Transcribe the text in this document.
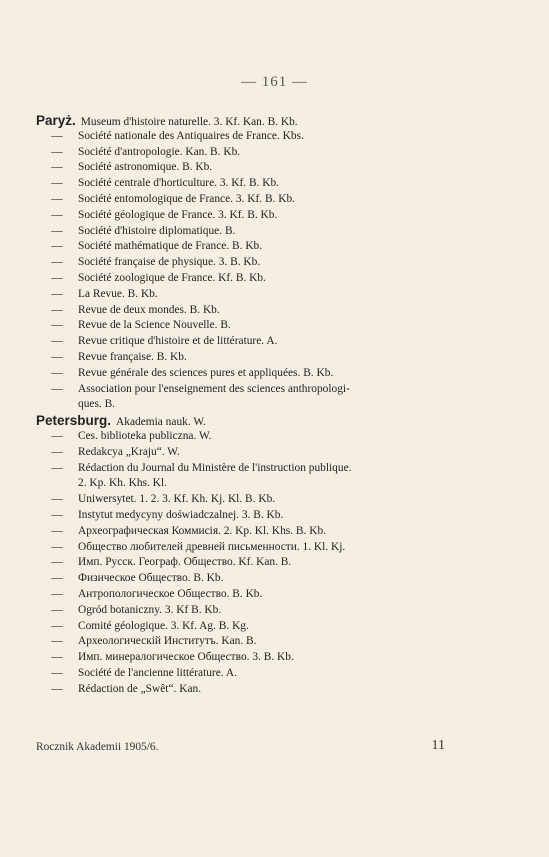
— 161 —
Paryż. Museum d'histoire naturelle. 3. Kf. Kan. B. Kb.
— Société nationale des Antiquaires de France. Kbs.
— Société d'antropologie. Kan. B. Kb.
— Société astronomique. B. Kb.
— Société centrale d'horticulture. 3. Kf. B. Kb.
— Société entomologique de France. 3. Kf. B. Kb.
— Société géologique de France. 3. Kf. B. Kb.
— Société d'histoire diplomatique. B.
— Société mathématique de France. B. Kb.
— Société française de physique. 3. B. Kb.
— Société zoologique de France. Kf. B. Kb.
— La Revue. B. Kb.
— Revue de deux mondes. B. Kb.
— Revue de la Science Nouvelle. B.
— Revue critique d'histoire et de littérature. A.
— Revue française. B. Kb.
— Revue générale des sciences pures et appliquées. B. Kb.
— Association pour l'enseignement des sciences anthropologi-
ques. B.
Petersburg. Akademia nauk. W.
— Ces. biblioteka publiczna. W.
— Redakcya „Kraju“. W.
— Rédaction du Journal du Ministère de l'instruction publique.
2. Kp. Kh. Khs. Kl.
— Uniwersytet. 1. 2. 3. Kf. Kh. Kj. Kl. B. Kb.
— Instytut medycyny doświadczalnej. 3. B. Kb.
— Археографическая Коммисія. 2. Kp. Kl. Khs. B. Kb.
— Общество любителей древней письменности. 1. Kl. Kj.
— Имп. Русск. Географ. Общество. Kf. Kan. B.
— Физическое Общество. B. Kb.
— Антропологическое Общество. B. Kb.
— Ogród botaniczny. 3. Kf B. Kb.
— Comité géologique. 3. Kf. Ag. B. Kg.
— Археологическій Институтъ. Kan. B.
— Имп. минералогическое Общество. 3. B. Kb.
— Société de l'ancienne littérature. A.
— Rédaction de „Swêt“. Kan.
Rocznik Akademii 1905/6.	11
